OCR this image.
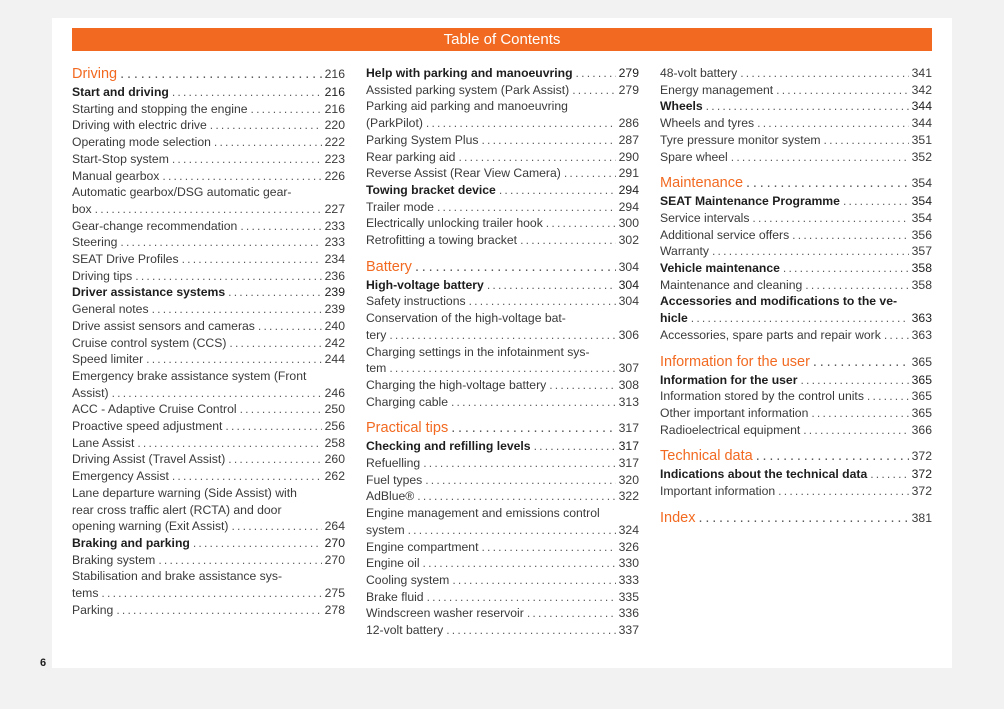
Table of Contents
Driving . . .	216
Start and driving . . .	216
Starting and stopping the engine . . .	216
Driving with electric drive . . .	220
Operating mode selection . . .	222
Start-Stop system . . .	223
Manual gearbox . . .	226
Automatic gearbox/DSG automatic gear-
box . . .	227
Gear-change recommendation . . .	233
Steering . . .	233
SEAT Drive Profiles . . .	234
Driving tips . . .	236
Driver assistance systems . . .	239
General notes . . .	239
Drive assist sensors and cameras . . .	240
Cruise control system (CCS) . . .	242
Speed limiter . . .	244
Emergency brake assistance system (Front
Assist) . . .	246
ACC - Adaptive Cruise Control . . .	250
Proactive speed adjustment . . .	256
Lane Assist . . .	258
Driving Assist (Travel Assist) . . .	260
Emergency Assist . . .	262
Lane departure warning (Side Assist) with
rear cross traffic alert (RCTA) and door
opening warning (Exit Assist) . . .	264
Braking and parking . . .	270
Braking system . . .	270
Stabilisation and brake assistance sys-
tems . . .	275
Parking . . .	278
Help with parking and manoeuvring . . .	279
Assisted parking system (Park Assist) . . .	279
Parking aid parking and manoeuvring
(ParkPilot) . . .	286
Parking System Plus . . .	287
Rear parking aid . . .	290
Reverse Assist (Rear View Camera) . . .	291
Towing bracket device . . .	294
Trailer mode . . .	294
Electrically unlocking trailer hook . . .	300
Retrofitting a towing bracket . . .	302
Battery . . .	304
High-voltage battery . . .	304
Safety instructions . . .	304
Conservation of the high-voltage bat-
tery . . .	306
Charging settings in the infotainment sys-
tem . . .	307
Charging the high-voltage battery . . .	308
Charging cable . . .	313
Practical tips . . .	317
Checking and refilling levels . . .	317
Refuelling . . .	317
Fuel types . . .	320
AdBlue® . . .	322
Engine management and emissions control
system . . .	324
Engine compartment . . .	326
Engine oil . . .	330
Cooling system . . .	333
Brake fluid . . .	335
Windscreen washer reservoir . . .	336
12-volt battery . . .	337
48-volt battery . . .	341
Energy management . . .	342
Wheels . . .	344
Wheels and tyres . . .	344
Tyre pressure monitor system . . .	351
Spare wheel . . .	352
Maintenance . . .	354
SEAT Maintenance Programme . . .	354
Service intervals . . .	354
Additional service offers . . .	356
Warranty . . .	357
Vehicle maintenance . . .	358
Maintenance and cleaning . . .	358
Accessories and modifications to the ve-
hicle . . .	363
Accessories, spare parts and repair work . . .	363
Information for the user . . .	365
Information for the user . . .	365
Information stored by the control units . . .	365
Other important information . . .	365
Radioelectrical equipment . . .	366
Technical data . . .	372
Indications about the technical data . . .	372
Important information . . .	372
Index . . .	381
6
